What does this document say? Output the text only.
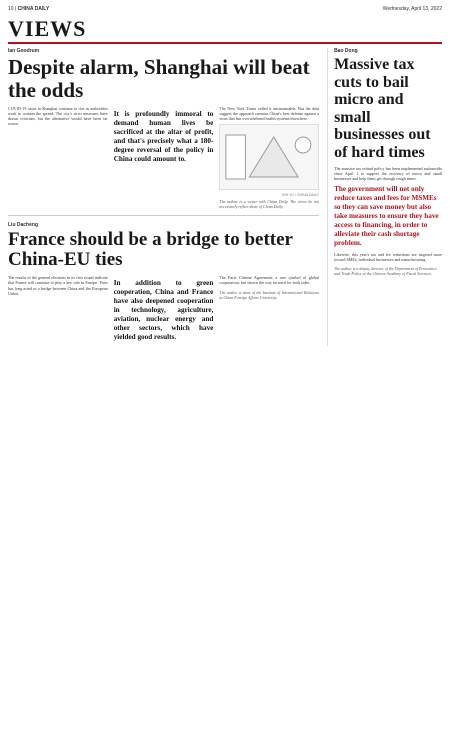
10 | CHINA DAILY	Wednesday, April 13, 2022
VIEWS
Ian Goodrum
Despite alarm, Shanghai will beat the odds
COVID-19 cases in Shanghai continue to rise as authorities work to contain the spread. The city's strict measures have drawn criticism, but the alternative would have been far worse.
It is profoundly immoral to demand human lives be sacrificed at the altar of profit, and that's precisely what a 180-degree reversal of the policy in China could amount to.
The New York Times called it unsustainable. But the data suggest the approach remains China's best defense against a virus that has overwhelmed health systems elsewhere.
SHI YU / CHINA DAILY
The author is a writer with China Daily. The views do not necessarily reflect those of China Daily.
Liu Dacheng
France should be a bridge to better China-EU ties
The results of the general elections in its first round indicate that France will continue to play a key role in Europe. Paris has long acted as a bridge between China and the European Union.
In addition to green cooperation, China and France have also deepened cooperation in technology, agriculture, aviation, nuclear energy and other sectors, which have yielded good results.
The Paris Climate Agreement, a rare symbol of global cooperation, has shown the way forward for both sides.
The author is dean of the Institute of International Relations at China Foreign Affairs University.
Bao Dong
Massive tax cuts to bail micro and small businesses out of hard times
The massive tax refund policy has been implemented nationwide since April 1 to support the recovery of micro and small businesses and help them get through tough times.
The government will not only reduce taxes and fees for MSMEs so they can save money but also take measures to ensure they have access to financing, in order to alleviate their cash shortage problem.
Likewise, this year's tax and fee reductions are targeted more toward SMEs, individual businesses and manufacturing.
The author is a deputy director of the Department of Economics and Trade Policy at the Chinese Academy of Fiscal Sciences.
